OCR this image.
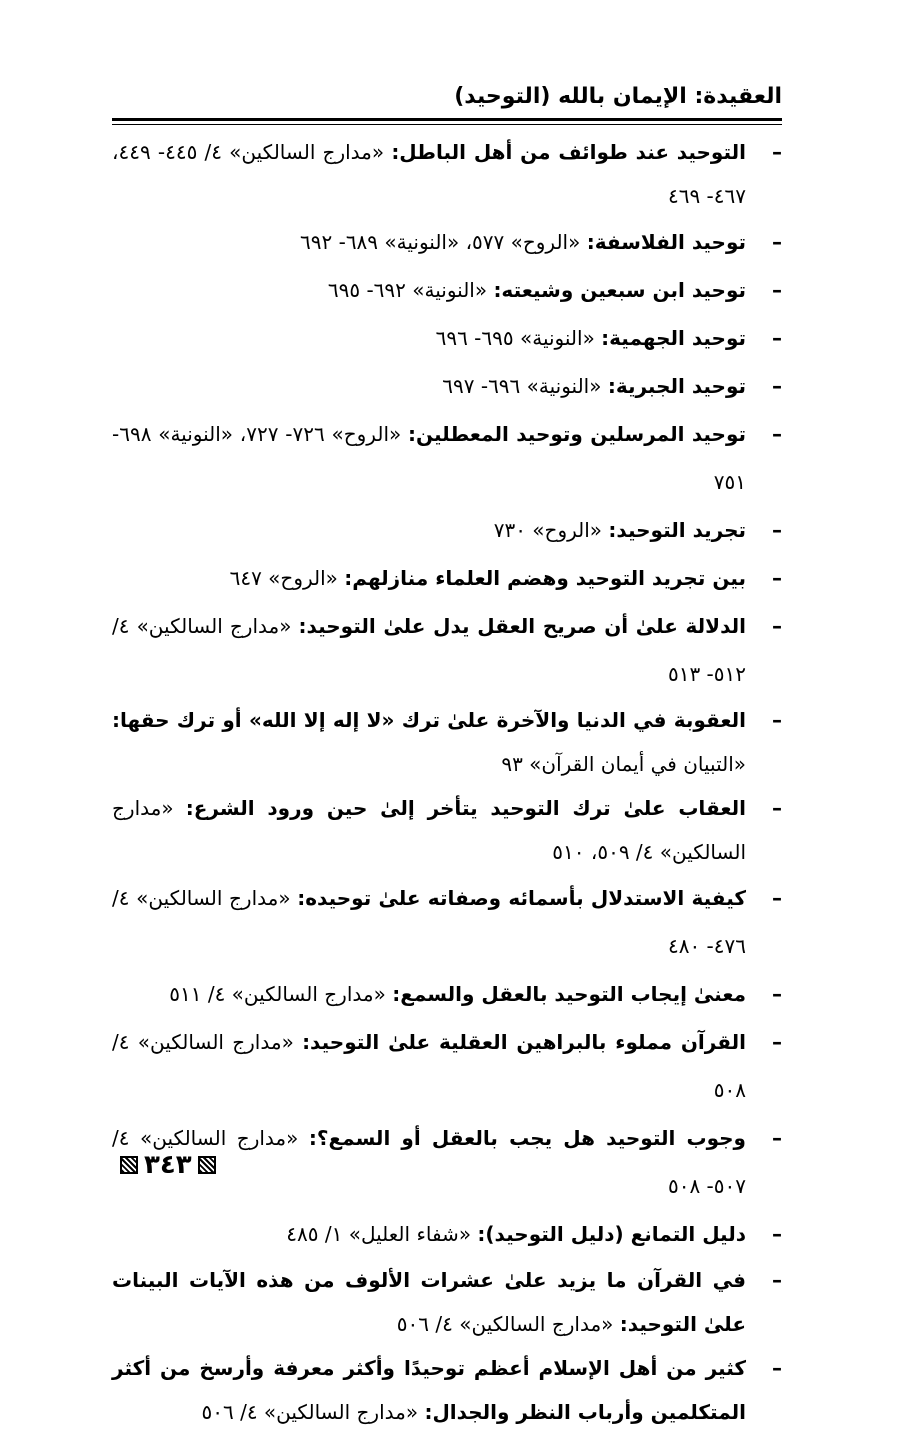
العقيدة: الإيمان بالله (التوحيد)
–
التوحيد عند طوائف من أهل الباطل: «مدارج السالكين» ٤/ ٤٤٥- ٤٤٩، ٤٦٧- ٤٦٩
–
توحيد الفلاسفة: «الروح» ٥٧٧، «النونية» ٦٨٩- ٦٩٢
–
توحيد ابن سبعين وشيعته: «النونية» ٦٩٢- ٦٩٥
–
توحيد الجهمية: «النونية» ٦٩٥- ٦٩٦
–
توحيد الجبرية: «النونية» ٦٩٦- ٦٩٧
–
توحيد المرسلين وتوحيد المعطلين: «الروح» ٧٢٦- ٧٢٧، «النونية» ٦٩٨- ٧٥١
–
تجريد التوحيد: «الروح» ٧٣٠
–
بين تجريد التوحيد وهضم العلماء منازلهم: «الروح» ٦٤٧
–
الدلالة علىٰ أن صريح العقل يدل علىٰ التوحيد: «مدارج السالكين» ٤/ ٥١٢- ٥١٣
–
العقوبة في الدنيا والآخرة علىٰ ترك «لا إله إلا الله» أو ترك حقها: «التبيان في أيمان القرآن» ٩٣
–
العقاب علىٰ ترك التوحيد يتأخر إلىٰ حين ورود الشرع: «مدارج السالكين» ٤/ ٥٠٩، ٥١٠
–
كيفية الاستدلال بأسمائه وصفاته علىٰ توحيده: «مدارج السالكين» ٤/ ٤٧٦- ٤٨٠
–
معنىٰ إيجاب التوحيد بالعقل والسمع: «مدارج السالكين» ٤/ ٥١١
–
القرآن مملوء بالبراهين العقلية علىٰ التوحيد: «مدارج السالكين» ٤/ ٥٠٨
–
وجوب التوحيد هل يجب بالعقل أو السمع؟: «مدارج السالكين» ٤/ ٥٠٧- ٥٠٨
–
دليل التمانع (دليل التوحيد): «شفاء العليل» ١/ ٤٨٥
–
في القرآن ما يزيد علىٰ عشرات الألوف من هذه الآيات البينات علىٰ التوحيد: «مدارج السالكين» ٤/ ٥٠٦
–
كثير من أهل الإسلام أعظم توحيدًا وأكثر معرفة وأرسخ من أكثر المتكلمين وأرباب النظر والجدال: «مدارج السالكين» ٤/ ٥٠٦
٣٤٣
